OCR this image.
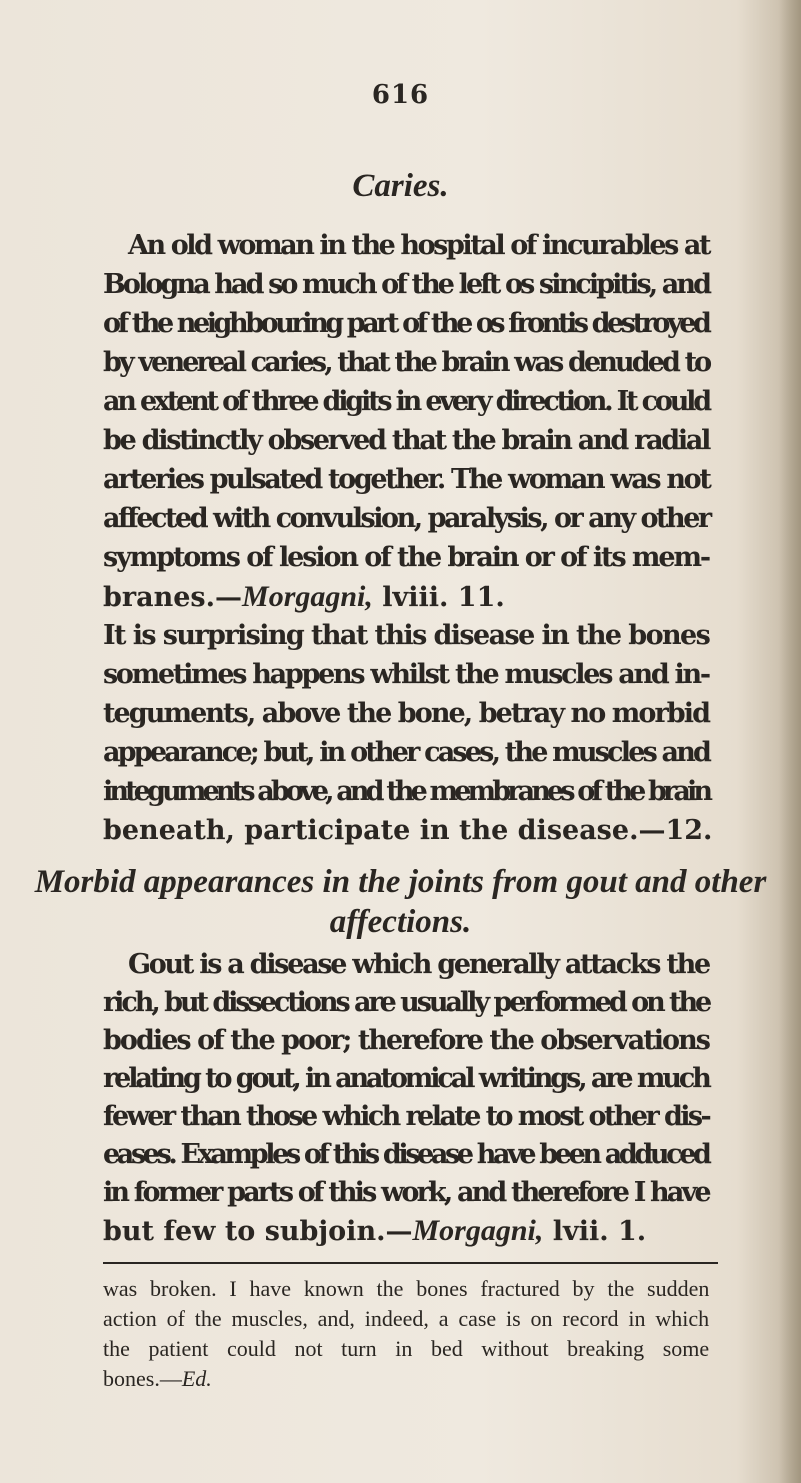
616
Caries.
An old woman in the hospital of incurables at
Bologna had so much of the left os sincipitis, and
of the neighbouring part of the os frontis destroyed
by venereal caries, that the brain was denuded to
an extent of three digits in every direction. It could
be distinctly observed that the brain and radial
arteries pulsated together. The woman was not
affected with convulsion, paralysis, or any other
symptoms of lesion of the brain or of its mem-
branes.—Morgagni, lviii. 11.
It is surprising that this disease in the bones
sometimes happens whilst the muscles and in-
teguments, above the bone, betray no morbid
appearance; but, in other cases, the muscles and
integuments above, and the membranes of the brain
beneath, participate in the disease.—12.
Morbid appearances in the joints from gout and other
affections.
Gout is a disease which generally attacks the
rich, but dissections are usually performed on the
bodies of the poor; therefore the observations
relating to gout, in anatomical writings, are much
fewer than those which relate to most other dis-
eases. Examples of this disease have been adduced
in former parts of this work, and therefore I have
but few to subjoin.—Morgagni, lvii. 1.
was broken. I have known the bones fractured by the sudden
action of the muscles, and, indeed, a case is on record in which
the patient could not turn in bed without breaking some
bones.—Ed.
